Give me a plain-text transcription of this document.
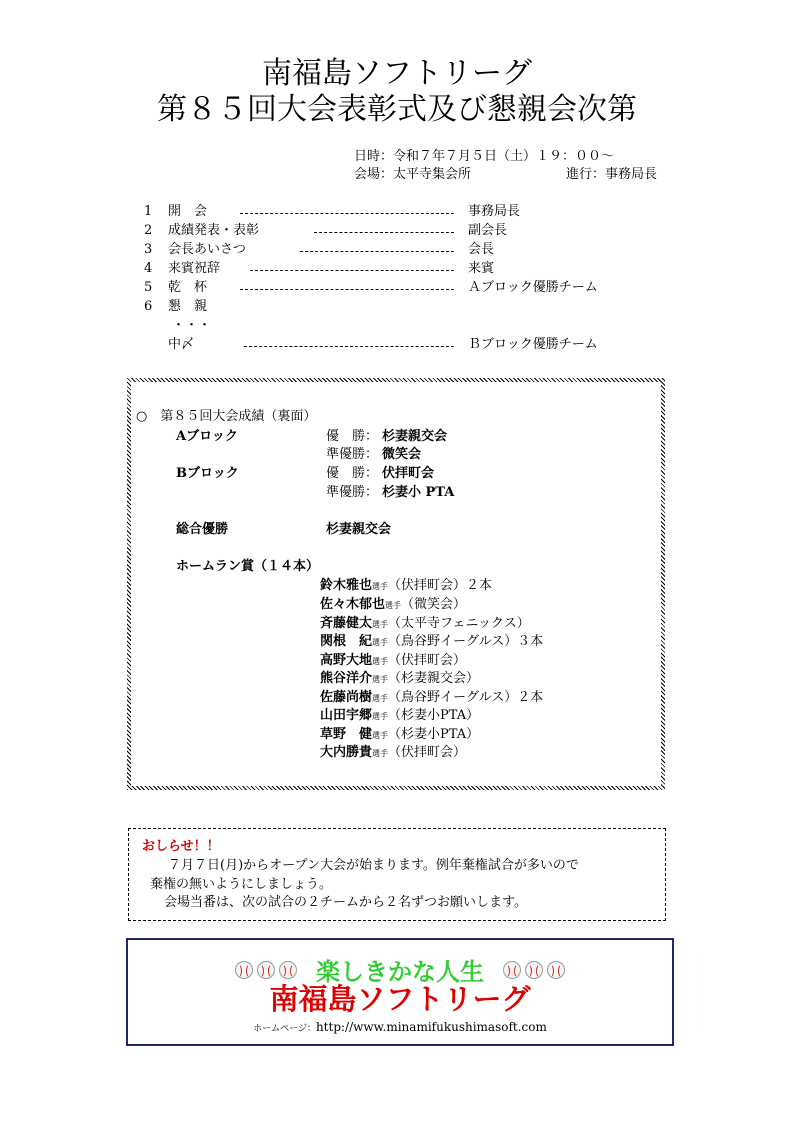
南福島ソフトリーグ
第８５回大会表彰式及び懇親会次第
日時：令和７年７月５日（土）１９：００～
会場：太平寺集会所	進行：事務局長
1 開　会	事務局長
2 成績発表・表彰	副会長
3 会長あいさつ	会長
4 来賓祝辞	来賓
5 乾　杯	Ａブロック優勝チーム
6 懇　親
・・・
中〆	Ｂブロック優勝チーム
○　第８５回大会成績（裏面）
Aブロック	優　勝： 杉妻親交会
準優勝： 微笑会
Bブロック	優　勝： 伏拝町会
準優勝： 杉妻小 PTA
総合優勝	杉妻親交会
ホームラン賞（１４本）
鈴木雅也選手（伏拝町会）２本
佐々木郁也選手（微笑会）
斉藤健太選手（太平寺フェニックス）
関根　紀選手（鳥谷野イーグルス）３本
高野大地選手（伏拝町会）
熊谷洋介選手（杉妻親交会）
佐藤尚樹選手（鳥谷野イーグルス）２本
山田宇郷選手（杉妻小PTA）
草野　健選手（杉妻小PTA）
大内勝貴選手（伏拝町会）
おしらせ！！
７月７日(月)からオープン大会が始まります。例年棄権試合が多いので
棄権の無いようにしましょう。
会場当番は、次の試合の２チームから２名ずつお願いします。
楽しきかな人生
南福島ソフトリーグ
ホームページ：http://www.minamifukushimasoft.com
